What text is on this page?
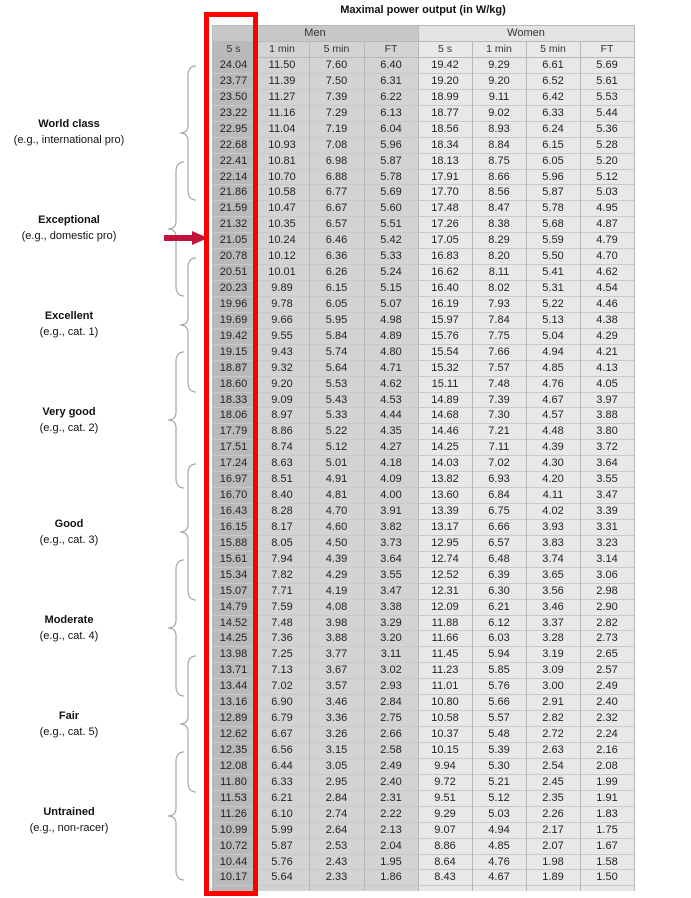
Maximal power output (in W/kg)
Men	Women
5 s	1 min	5 min	FT	5 s	1 min	5 min	FT
24.04	11.50	7.60	6.40	19.42	9.29	6.61	5.69
23.77	11.39	7.50	6.31	19.20	9.20	6.52	5.61
23.50	11.27	7.39	6.22	18.99	9.11	6.42	5.53
23.22	11.16	7.29	6.13	18.77	9.02	6.33	5.44
22.95	11.04	7.19	6.04	18.56	8.93	6.24	5.36
22.68	10.93	7.08	5.96	18.34	8.84	6.15	5.28
22.41	10.81	6.98	5.87	18.13	8.75	6.05	5.20
22.14	10.70	6.88	5.78	17.91	8.66	5.96	5.12
21.86	10.58	6.77	5.69	17.70	8.56	5.87	5.03
21.59	10.47	6.67	5.60	17.48	8.47	5.78	4.95
21.32	10.35	6.57	5.51	17.26	8.38	5.68	4.87
21.05	10.24	6.46	5.42	17.05	8.29	5.59	4.79
20.78	10.12	6.36	5.33	16.83	8.20	5.50	4.70
20.51	10.01	6.26	5.24	16.62	8.11	5.41	4.62
20.23	9.89	6.15	5.15	16.40	8.02	5.31	4.54
19.96	9.78	6.05	5.07	16.19	7.93	5.22	4.46
19.69	9.66	5.95	4.98	15.97	7.84	5.13	4.38
19.42	9.55	5.84	4.89	15.76	7.75	5.04	4.29
19.15	9.43	5.74	4.80	15.54	7.66	4.94	4.21
18.87	9.32	5.64	4.71	15.32	7.57	4.85	4.13
18.60	9.20	5.53	4.62	15.11	7.48	4.76	4.05
18.33	9.09	5.43	4.53	14.89	7.39	4.67	3.97
18.06	8.97	5.33	4.44	14.68	7.30	4.57	3.88
17.79	8.86	5.22	4.35	14.46	7.21	4.48	3.80
17.51	8.74	5.12	4.27	14.25	7.11	4.39	3.72
17.24	8.63	5.01	4.18	14.03	7.02	4.30	3.64
16.97	8.51	4.91	4.09	13.82	6.93	4.20	3.55
16.70	8.40	4.81	4.00	13.60	6.84	4.11	3.47
16.43	8.28	4.70	3.91	13.39	6.75	4.02	3.39
16.15	8.17	4.60	3.82	13.17	6.66	3.93	3.31
15.88	8.05	4.50	3.73	12.95	6.57	3.83	3.23
15.61	7.94	4.39	3.64	12.74	6.48	3.74	3.14
15.34	7.82	4.29	3.55	12.52	6.39	3.65	3.06
15.07	7.71	4.19	3.47	12.31	6.30	3.56	2.98
14.79	7.59	4.08	3.38	12.09	6.21	3.46	2.90
14.52	7.48	3.98	3.29	11.88	6.12	3.37	2.82
14.25	7.36	3.88	3.20	11.66	6.03	3.28	2.73
13.98	7.25	3.77	3.11	11.45	5.94	3.19	2.65
13.71	7.13	3.67	3.02	11.23	5.85	3.09	2.57
13.44	7.02	3.57	2.93	11.01	5.76	3.00	2.49
13.16	6.90	3.46	2.84	10.80	5.66	2.91	2.40
12.89	6.79	3.36	2.75	10.58	5.57	2.82	2.32
12.62	6.67	3.26	2.66	10.37	5.48	2.72	2.24
12.35	6.56	3.15	2.58	10.15	5.39	2.63	2.16
12.08	6.44	3.05	2.49	9.94	5.30	2.54	2.08
11.80	6.33	2.95	2.40	9.72	5.21	2.45	1.99
11.53	6.21	2.84	2.31	9.51	5.12	2.35	1.91
11.26	6.10	2.74	2.22	9.29	5.03	2.26	1.83
10.99	5.99	2.64	2.13	9.07	4.94	2.17	1.75
10.72	5.87	2.53	2.04	8.86	4.85	2.07	1.67
10.44	5.76	2.43	1.95	8.64	4.76	1.98	1.58
10.17	5.64	2.33	1.86	8.43	4.67	1.89	1.50
World class
(e.g., international pro)
Exceptional
(e.g., domestic pro)
Excellent
(e.g., cat. 1)
Very good
(e.g., cat. 2)
Good
(e.g., cat. 3)
Moderate
(e.g., cat. 4)
Fair
(e.g., cat. 5)
Untrained
(e.g., non-racer)
